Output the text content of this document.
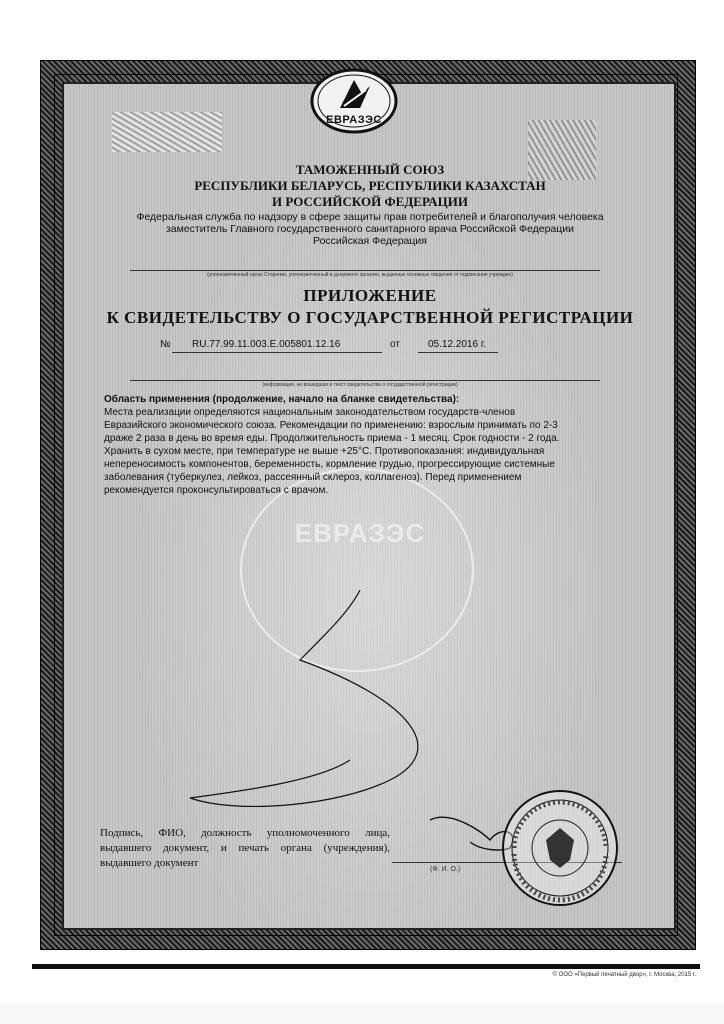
ЕВРАЗЭС
ТАМОЖЕННЫЙ СОЮЗ
РЕСПУБЛИКИ БЕЛАРУСЬ, РЕСПУБЛИКИ КАЗАХСТАН
И РОССИЙСКОЙ ФЕДЕРАЦИИ
Федеральная служба по надзору в сфере защиты прав потребителей и благополучия человека
заместитель Главного государственного санитарного врача Российской Федерации
Российская Федерация
(уполномоченный орган Сторонки, уполномоченный в документе органом, выданные основные сведения от подписания учрежден)
ПРИЛОЖЕНИЕ
К СВИДЕТЕЛЬСТВУ О ГОСУДАРСТВЕННОЙ РЕГИСТРАЦИИ
№ RU.77.99.11.003.E.005801.12.16	от	05.12.2016 г.
(информация, не вошедшая в текст свидетельства о государственной регистрации)
ЕВРАЗЭС
Область применения (продолжение, начало на бланке свидетельства):
Места реализации определяются национальным законодательством государств-членов
Евразийского экономического союза. Рекомендации по применению: взрослым принимать по 2-3
драже 2 раза в день во время еды. Продолжительность приема - 1 месяц. Срок годности - 2 года.
Хранить в сухом месте, при температуре не выше +25°С. Противопоказания: индивидуальная
непереносимость компонентов, беременность, кормление грудью, прогрессирующие системные
заболевания (туберкулез, лейкоз, рассеянный склероз, коллагеноз). Перед применением
рекомендуется проконсультироваться с врачом.
Подпись, ФИО, должность уполномоченного лица, выдавшего документ, и печать органа (учреждения), выдавшего документ
(Ф. И. О.)
© ООО «Первый печатный двор», г. Москва, 2015 г.
